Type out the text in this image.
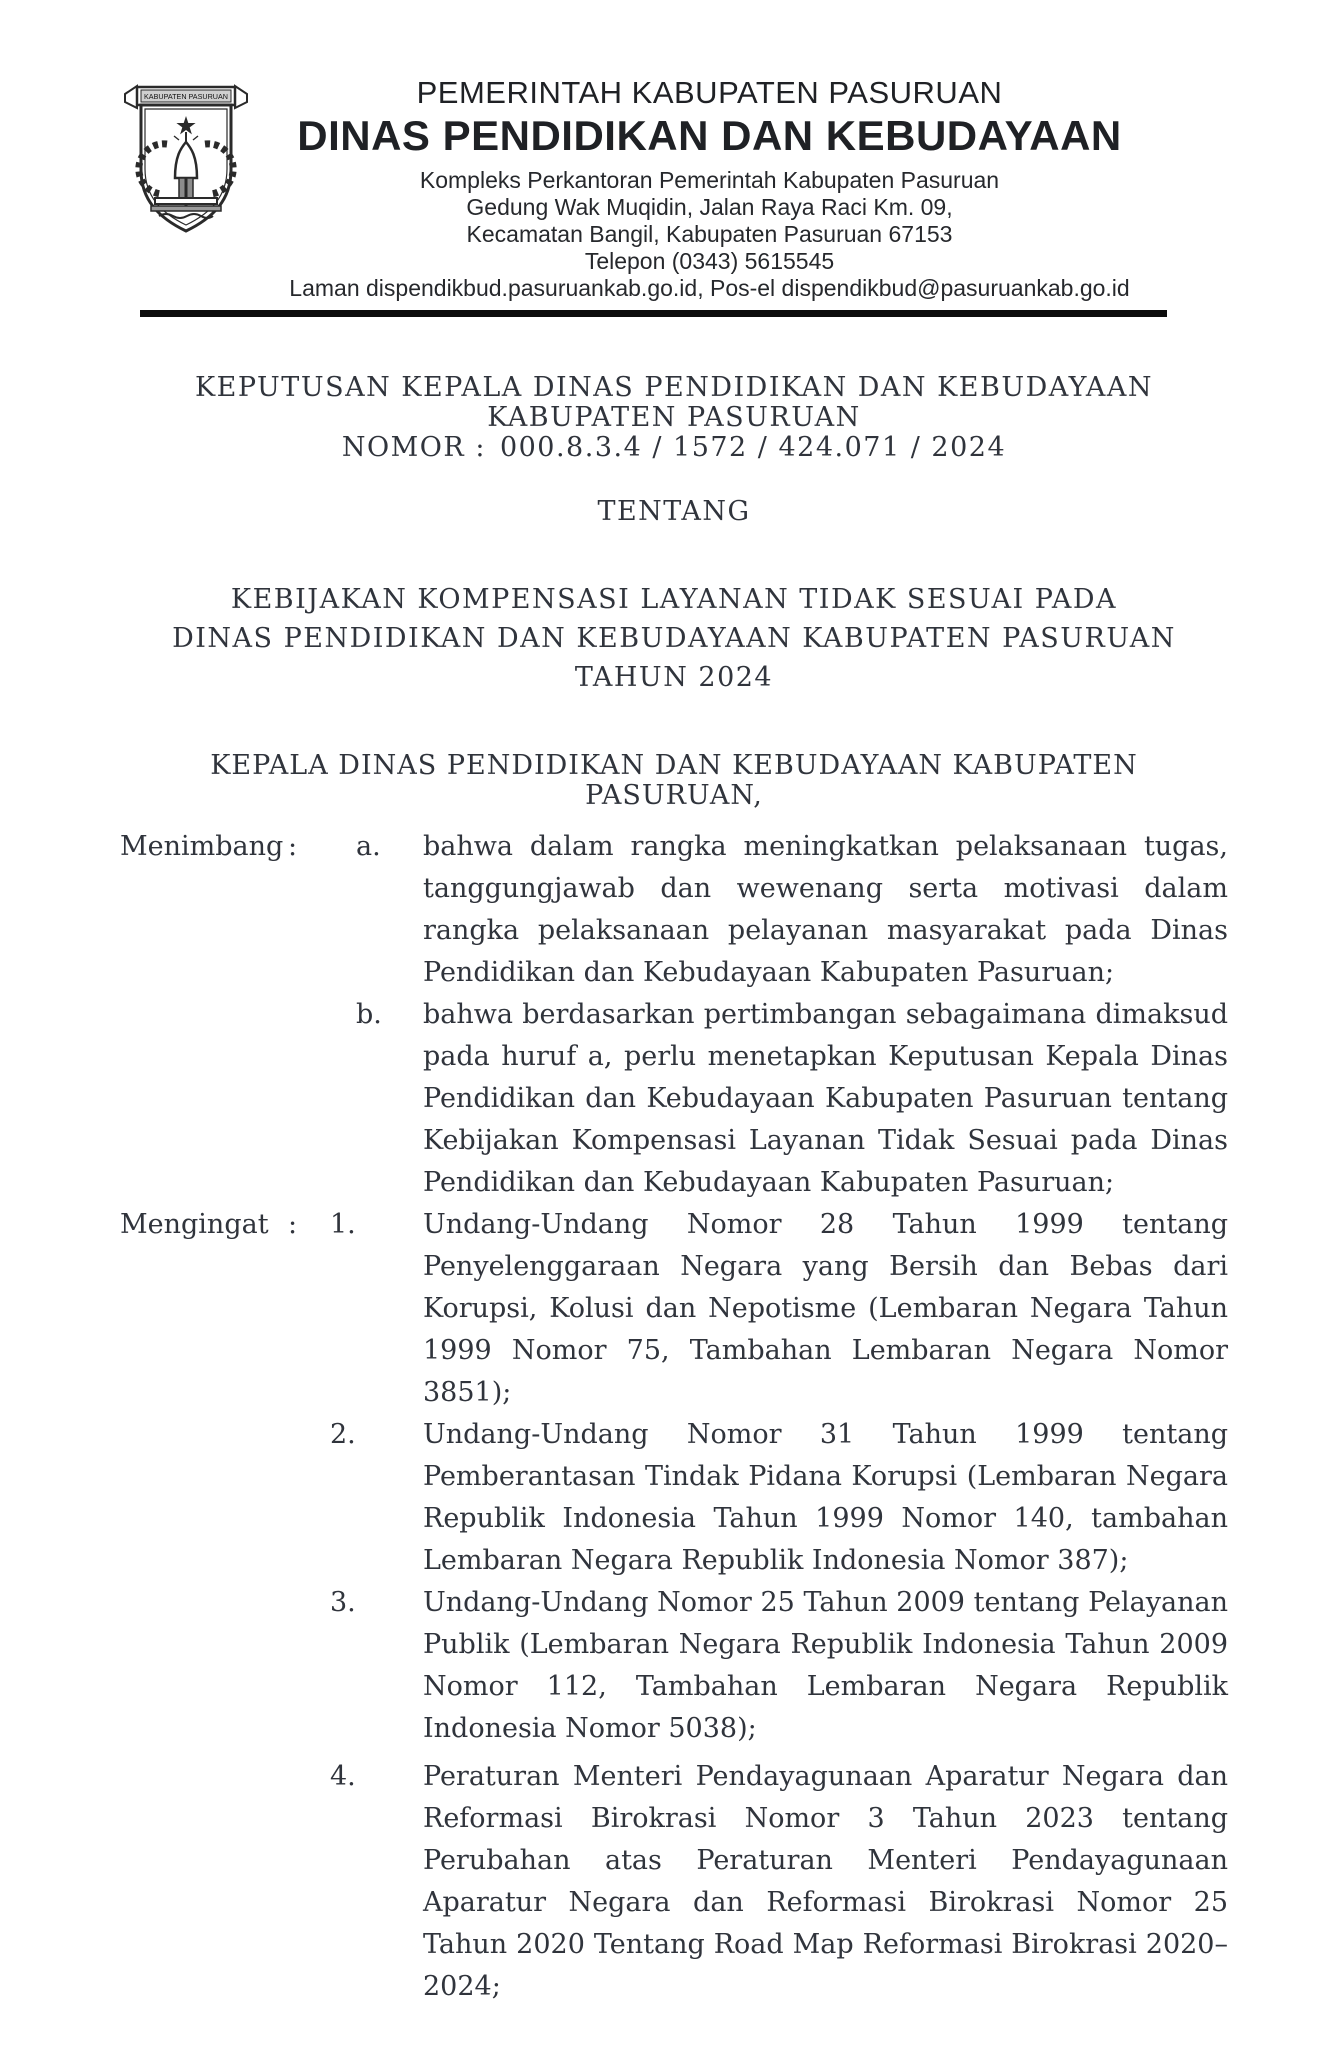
KABUPATEN PASURUAN	PEMERINTAH KABUPATEN PASURUAN
DINAS PENDIDIKAN DAN KEBUDAYAAN
Kompleks Perkantoran Pemerintah Kabupaten Pasuruan
Gedung Wak Muqidin, Jalan Raya Raci Km. 09,
Kecamatan Bangil, Kabupaten Pasuruan 67153
Telepon (0343) 5615545
Laman dispendikbud.pasuruankab.go.id, Pos-el dispendikbud@pasuruankab.go.id
KEPUTUSAN KEPALA DINAS PENDIDIKAN DAN KEBUDAYAAN
KABUPATEN PASURUAN
NOMOR : 000.8.3.4 / 1572 / 424.071 / 2024
TENTANG
KEBIJAKAN KOMPENSASI LAYANAN TIDAK SESUAI PADA
DINAS PENDIDIKAN DAN KEBUDAYAAN KABUPATEN PASURUAN
TAHUN 2024
KEPALA DINAS PENDIDIKAN DAN KEBUDAYAAN KABUPATEN PASURUAN,
Menimbang :	a.	bahwa dalam rangka meningkatkan pelaksanaan tugas, tanggungjawab dan wewenang serta motivasi dalam rangka pelaksanaan pelayanan masyarakat pada Dinas Pendidikan dan Kebudayaan Kabupaten Pasuruan;
b.	bahwa berdasarkan pertimbangan sebagaimana dimaksud pada huruf a, perlu menetapkan Keputusan Kepala Dinas Pendidikan dan Kebudayaan Kabupaten Pasuruan tentang Kebijakan Kompensasi Layanan Tidak Sesuai pada Dinas Pendidikan dan Kebudayaan Kabupaten Pasuruan;
Mengingat :	1.	Undang-Undang Nomor 28 Tahun 1999 tentang Penyelenggaraan Negara yang Bersih dan Bebas dari Korupsi, Kolusi dan Nepotisme (Lembaran Negara Tahun 1999 Nomor 75, Tambahan Lembaran Negara Nomor 3851);
2.	Undang-Undang Nomor 31 Tahun 1999 tentang Pemberantasan Tindak Pidana Korupsi (Lembaran Negara Republik Indonesia Tahun 1999 Nomor 140, tambahan Lembaran Negara Republik Indonesia Nomor 387);
3.	Undang-Undang Nomor 25 Tahun 2009 tentang Pelayanan Publik (Lembaran Negara Republik Indonesia Tahun 2009 Nomor 112, Tambahan Lembaran Negara Republik Indonesia Nomor 5038);
4.	Peraturan Menteri Pendayagunaan Aparatur Negara dan Reformasi Birokrasi Nomor 3 Tahun 2023 tentang Perubahan atas Peraturan Menteri Pendayagunaan Aparatur Negara dan Reformasi Birokrasi Nomor 25 Tahun 2020 Tentang Road Map Reformasi Birokrasi 2020–2024;
